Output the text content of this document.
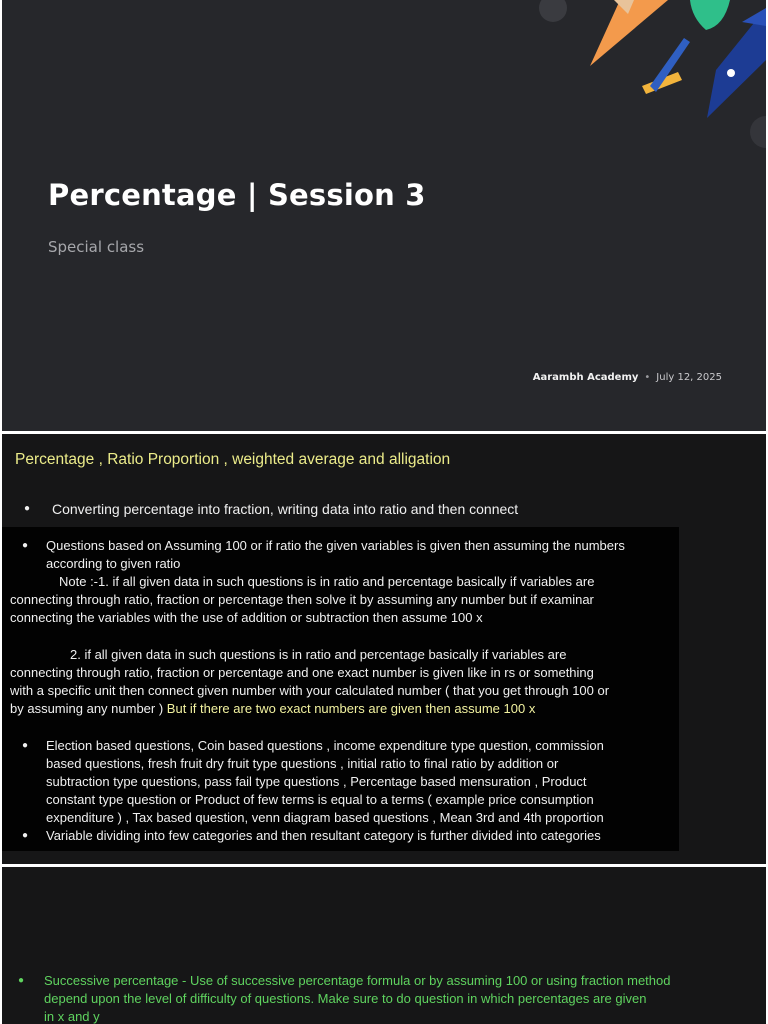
Percentage | Session 3

Special class

Aarambh Academy • July 12, 2025
Percentage , Ratio Proportion , weighted average and alligation
● Converting percentage into fraction, writing data into ratio and then connect

● Questions based on Assuming 100 or if ratio the given variables is given then assuming the numbers

according to given ratio

Note :-1. if all given data in such questions is in ratio and percentage basically if variables are

connecting through ratio, fraction or percentage then solve it by assuming any number but if examinar

connecting the variables with the use of addition or subtraction then assume 100 x

2. if all given data in such questions is in ratio and percentage basically if variables are

connecting through ratio, fraction or percentage and one exact number is given like in rs or something

with a specific unit then connect given number with your calculated number ( that you get through 100 or

by assuming any number ) But if there are two exact numbers are given then assume 100 x

● Election based questions, Coin based questions , income expenditure type question, commission

based questions, fresh fruit dry fruit type questions , initial ratio to final ratio by addition or

subtraction type questions, pass fail type questions , Percentage based mensuration , Product

constant type question or Product of few terms is equal to a terms ( example price consumption

expenditure ) , Tax based question, venn diagram based questions , Mean 3rd and 4th proportion

● Variable dividing into few categories and then resultant category is further divided into categories

● Successive percentage - Use of successive percentage formula or by assuming 100 or using fraction method

depend upon the level of difficulty of questions. Make sure to do question in which percentages are given

in x and y
